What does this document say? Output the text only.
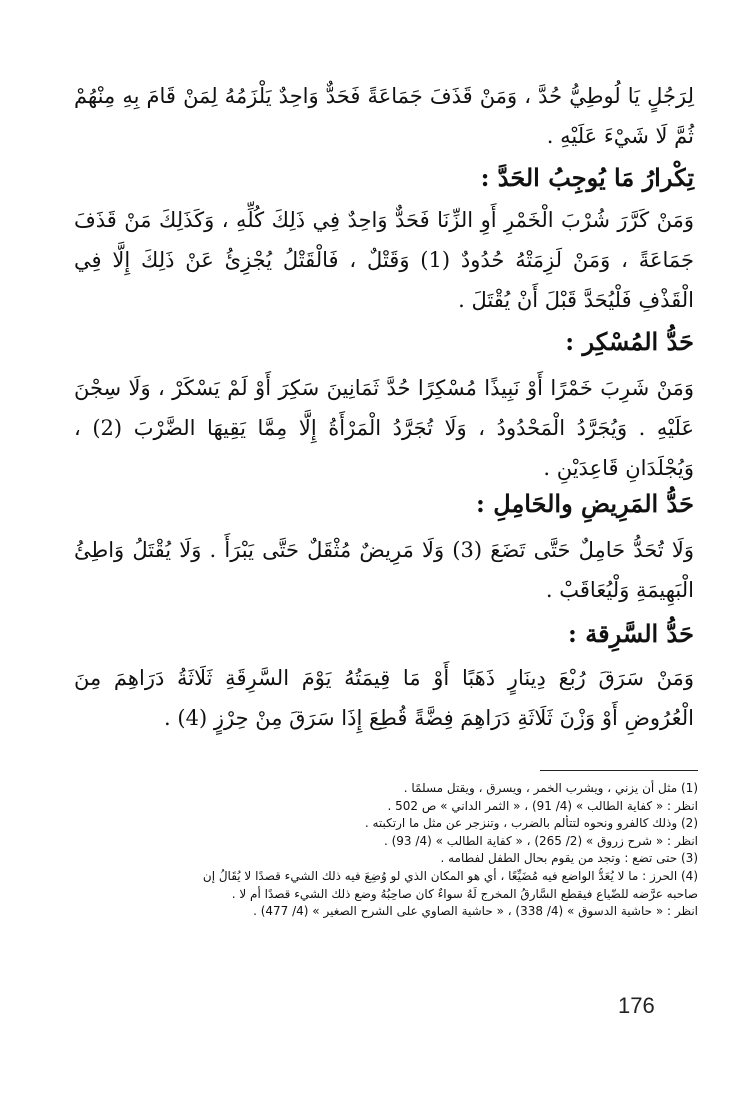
لِرَجُلٍ يَا لُوطِيُّ حُدَّ ، وَمَنْ قَذَفَ جَمَاعَةً فَحَدٌّ وَاحِدٌ يَلْزَمُهُ لِمَنْ قَامَ بِهِ مِنْهُمْ ثُمَّ لَا شَيْءَ عَلَيْهِ .
تِكْرارُ مَا يُوجِبُ الحَدَّ :
وَمَنْ كَرَّرَ شُرْبَ الْخَمْرِ أَوِ الزِّنَا فَحَدٌّ وَاحِدٌ فِي ذَلِكَ كُلِّهِ ، وَكَذَلِكَ مَنْ قَذَفَ جَمَاعَةً ، وَمَنْ لَزِمَتْهُ حُدُودٌ (1) وَقَتْلٌ ، فَالْقَتْلُ يُجْزِئُ عَنْ ذَلِكَ إِلَّا فِي الْقَذْفِ فَلْيُحَدَّ قَبْلَ أَنْ يُقْتَلَ .
حَدُّ المُسْكِر :
وَمَنْ شَرِبَ خَمْرًا أَوْ نَبِيذًا مُسْكِرًا حُدَّ ثَمَانِينَ سَكِرَ أَوْ لَمْ يَسْكَرْ ، وَلَا سِجْنَ عَلَيْهِ . وَيُجَرَّدُ الْمَحْدُودُ ، وَلَا تُجَرَّدُ الْمَرْأَةُ إِلَّا مِمَّا يَقِيهَا الضَّرْبَ (2) ، وَيُجْلَدَانِ قَاعِدَيْنِ .
حَدُّ المَرِيضِ والحَامِلِ :
وَلَا تُحَدُّ حَامِلٌ حَتَّى تَضَعَ (3) وَلَا مَرِيضٌ مُثْقَلٌ حَتَّى يَبْرَأَ . وَلَا يُقْتَلُ وَاطِئُ الْبَهِيمَةِ وَلْيُعَاقَبْ .
حَدُّ السَّرِقة :
وَمَنْ سَرَقَ رُبْعَ دِينَارٍ ذَهَبًا أَوْ مَا قِيمَتُهُ يَوْمَ السَّرِقَةِ ثَلَاثَةُ دَرَاهِمَ مِنَ الْعُرُوضِ أَوْ وَزْنَ ثَلَاثَةِ دَرَاهِمَ فِضَّةً قُطِعَ إِذَا سَرَقَ مِنْ حِرْزٍ (4) .
(1) مثل أن يزني ، ويشرب الخمر ، ويسرق ، ويقتل مسلمًا .
انظر : « كفاية الطالب » (4/ 91) ، « الثمر الداني » ص 502 .
(2) وذلك كالفرو ونحوه لتتألم بالضرب ، وتنزجر عن مثل ما ارتكبته .
انظر : « شرح زروق » (2/ 265) ، « كفاية الطالب » (4/ 93) .
(3) حتى تضع : وتجد من يقوم بحال الطفل لفطامه .
(4) الحرز : ما لا يُعَدُّ الواضع فيه مُضَيِّعًا ، أي هو المكان الذي لو وُضِعَ فيه ذلك الشيء قصدًا لا يُقَالُ إن
صاحبه عرَّضه للضّياع فيقطع السَّارقُ المخرج لَهُ سواءٌ كان صاحِبُهُ وضع ذلك الشيء قصدًا أم لا .
انظر : « حاشية الدسوق » (4/ 338) ، « حاشية الصاوي على الشرح الصغير » (4/ 477) .
176
